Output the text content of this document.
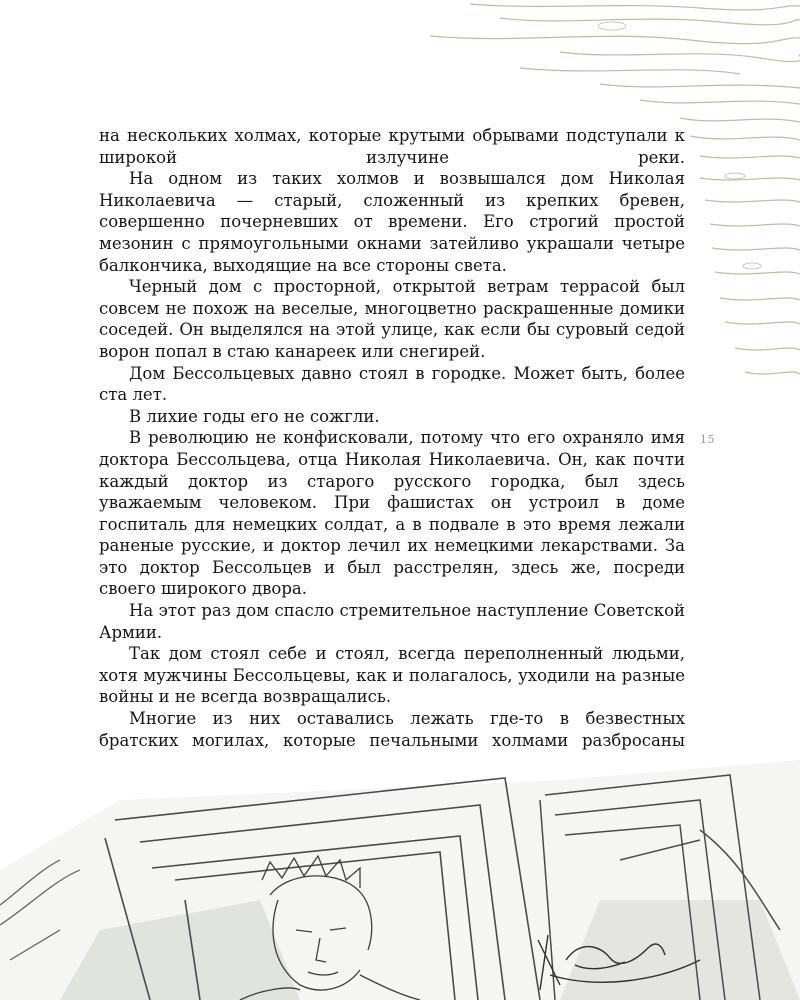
на нескольких холмах, которые крутыми обрывами подступали к широкой излучине реки.

На одном из таких холмов и возвышался дом Николая Николаевича — старый, сложенный из крепких бревен, совершенно почерневших от времени. Его строгий простой мезонин с прямоугольными окнами затейливо украшали четыре балкончика, выходящие на все стороны света.

Черный дом с просторной, открытой ветрам террасой был совсем не похож на веселые, многоцветно раскрашенные домики соседей. Он выделялся на этой улице, как если бы суровый седой ворон попал в стаю канареек или снегирей.

Дом Бессольцевых давно стоял в городке. Может быть, более ста лет.

В лихие годы его не сожгли.

В революцию не конфисковали, потому что его охраняло имя доктора Бессольцева, отца Николая Николаевича. Он, как почти каждый доктор из старого русского городка, был здесь уважаемым человеком. При фашистах он устроил в доме госпиталь для немецких солдат, а в подвале в это время лежали раненые русские, и доктор лечил их немецкими лекарствами. За это доктор Бессольцев и был расстрелян, здесь же, посреди своего широкого двора.

На этот раз дом спасло стремительное наступление Советской Армии.

Так дом стоял себе и стоял, всегда переполненный людьми, хотя мужчины Бессольцевы, как и полагалось, уходили на разные войны и не всегда возвращались.

Многие из них оставались лежать где-то в безвестных братских могилах, которые печальными холмами разбросаны

15
